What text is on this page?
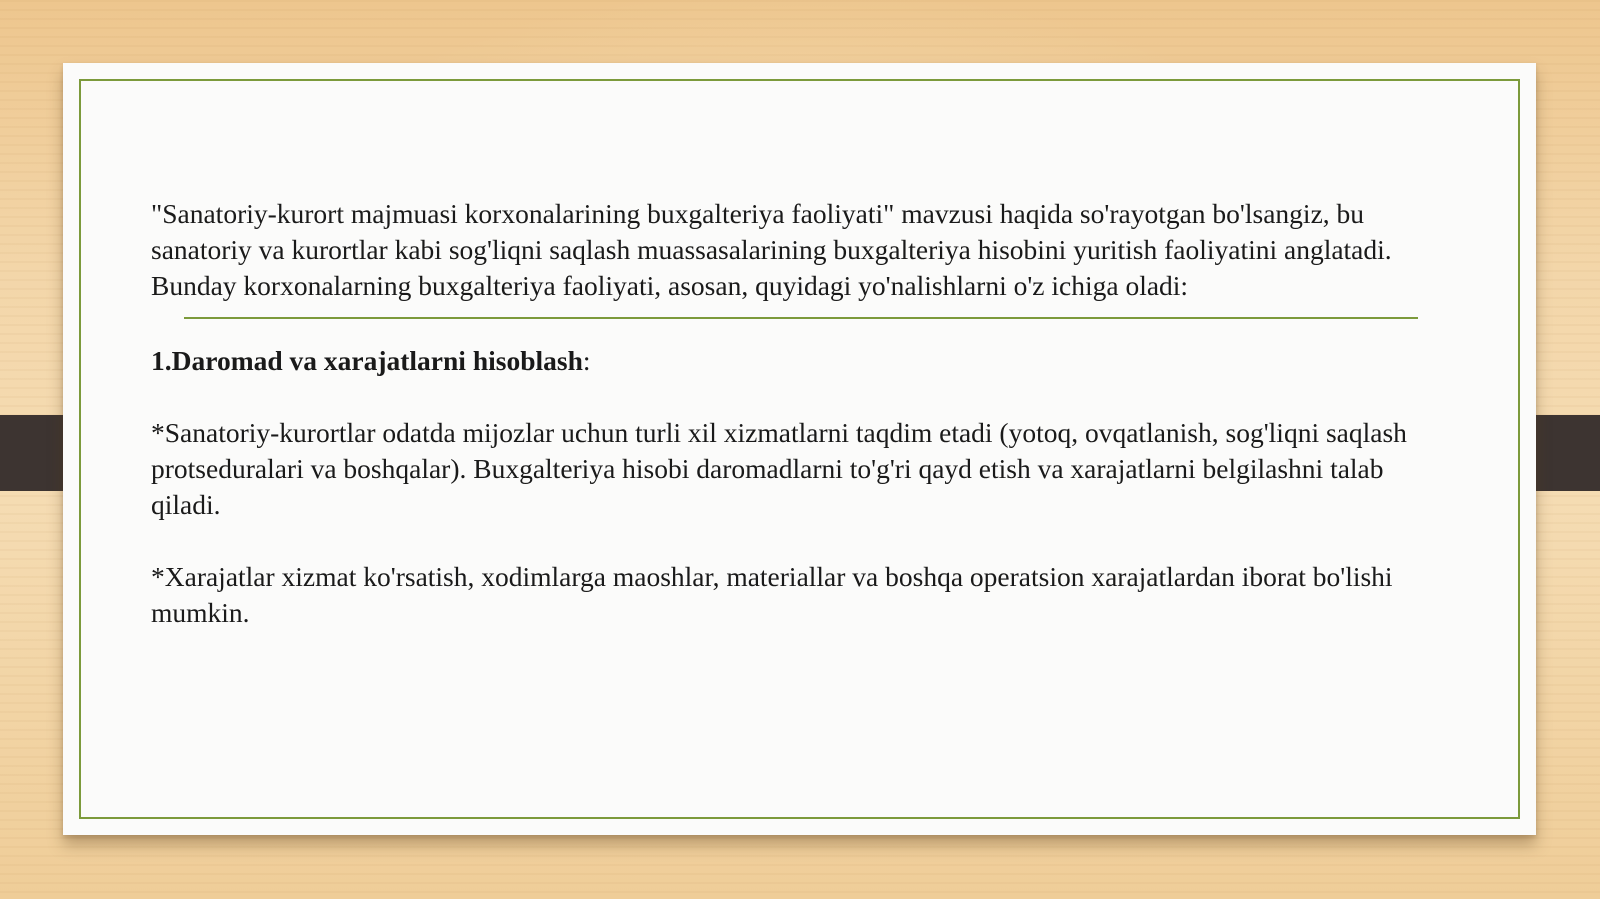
"Sanatoriy-kurort majmuasi korxonalarining buxgalteriya faoliyati" mavzusi haqida so'rayotgan bo'lsangiz, bu sanatoriy va kurortlar kabi sog'liqni saqlash muassasalarining buxgalteriya hisobini yuritish faoliyatini anglatadi. Bunday korxonalarning buxgalteriya faoliyati, asosan, quyidagi yo'nalishlarni o'z ichiga oladi:

1.Daromad va xarajatlarni hisoblash:

*Sanatoriy-kurortlar odatda mijozlar uchun turli xil xizmatlarni taqdim etadi (yotoq, ovqatlanish, sog'liqni saqlash protseduralari va boshqalar). Buxgalteriya hisobi daromadlarni to'g'ri qayd etish va xarajatlarni belgilashni talab qiladi.

*Xarajatlar xizmat ko'rsatish, xodimlarga maoshlar, materiallar va boshqa operatsion xarajatlardan iborat bo'lishi mumkin.
